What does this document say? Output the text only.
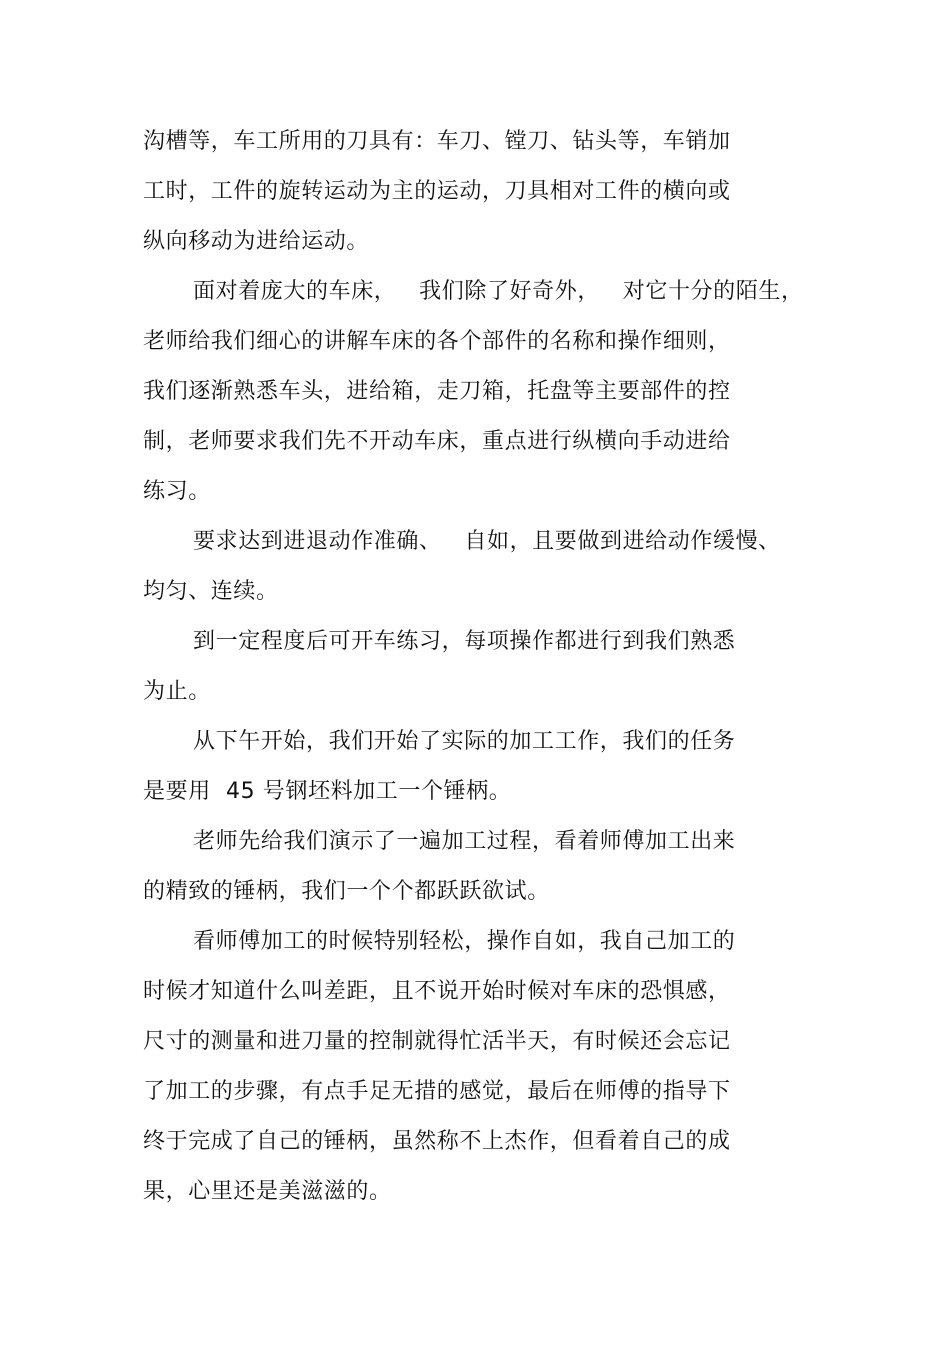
沟槽等，车工所用的刀具有：车刀、镗刀、钻头等，车销加
工时，工件的旋转运动为主的运动，刀具相对工件的横向或
纵向移动为进给运动。
面对着庞大的车床，   我们除了好奇外，   对它十分的陌生，
老师给我们细心的讲解车床的各个部件的名称和操作细则，
我们逐渐熟悉车头，进给箱，走刀箱，托盘等主要部件的控
制，老师要求我们先不开动车床，重点进行纵横向手动进给
练习。
要求达到进退动作准确、   自如，且要做到进给动作缓慢、
均匀、连续。
到一定程度后可开车练习，每项操作都进行到我们熟悉
为止。
从下午开始，我们开始了实际的加工工作，我们的任务
是要用  45 号钢坯料加工一个锤柄。
老师先给我们演示了一遍加工过程，看着师傅加工出来
的精致的锤柄，我们一个个都跃跃欲试。
看师傅加工的时候特别轻松，操作自如，我自己加工的
时候才知道什么叫差距，且不说开始时候对车床的恐惧感，
尺寸的测量和进刀量的控制就得忙活半天，有时候还会忘记
了加工的步骤，有点手足无措的感觉，最后在师傅的指导下
终于完成了自己的锤柄，虽然称不上杰作，但看着自己的成
果，心里还是美滋滋的。
